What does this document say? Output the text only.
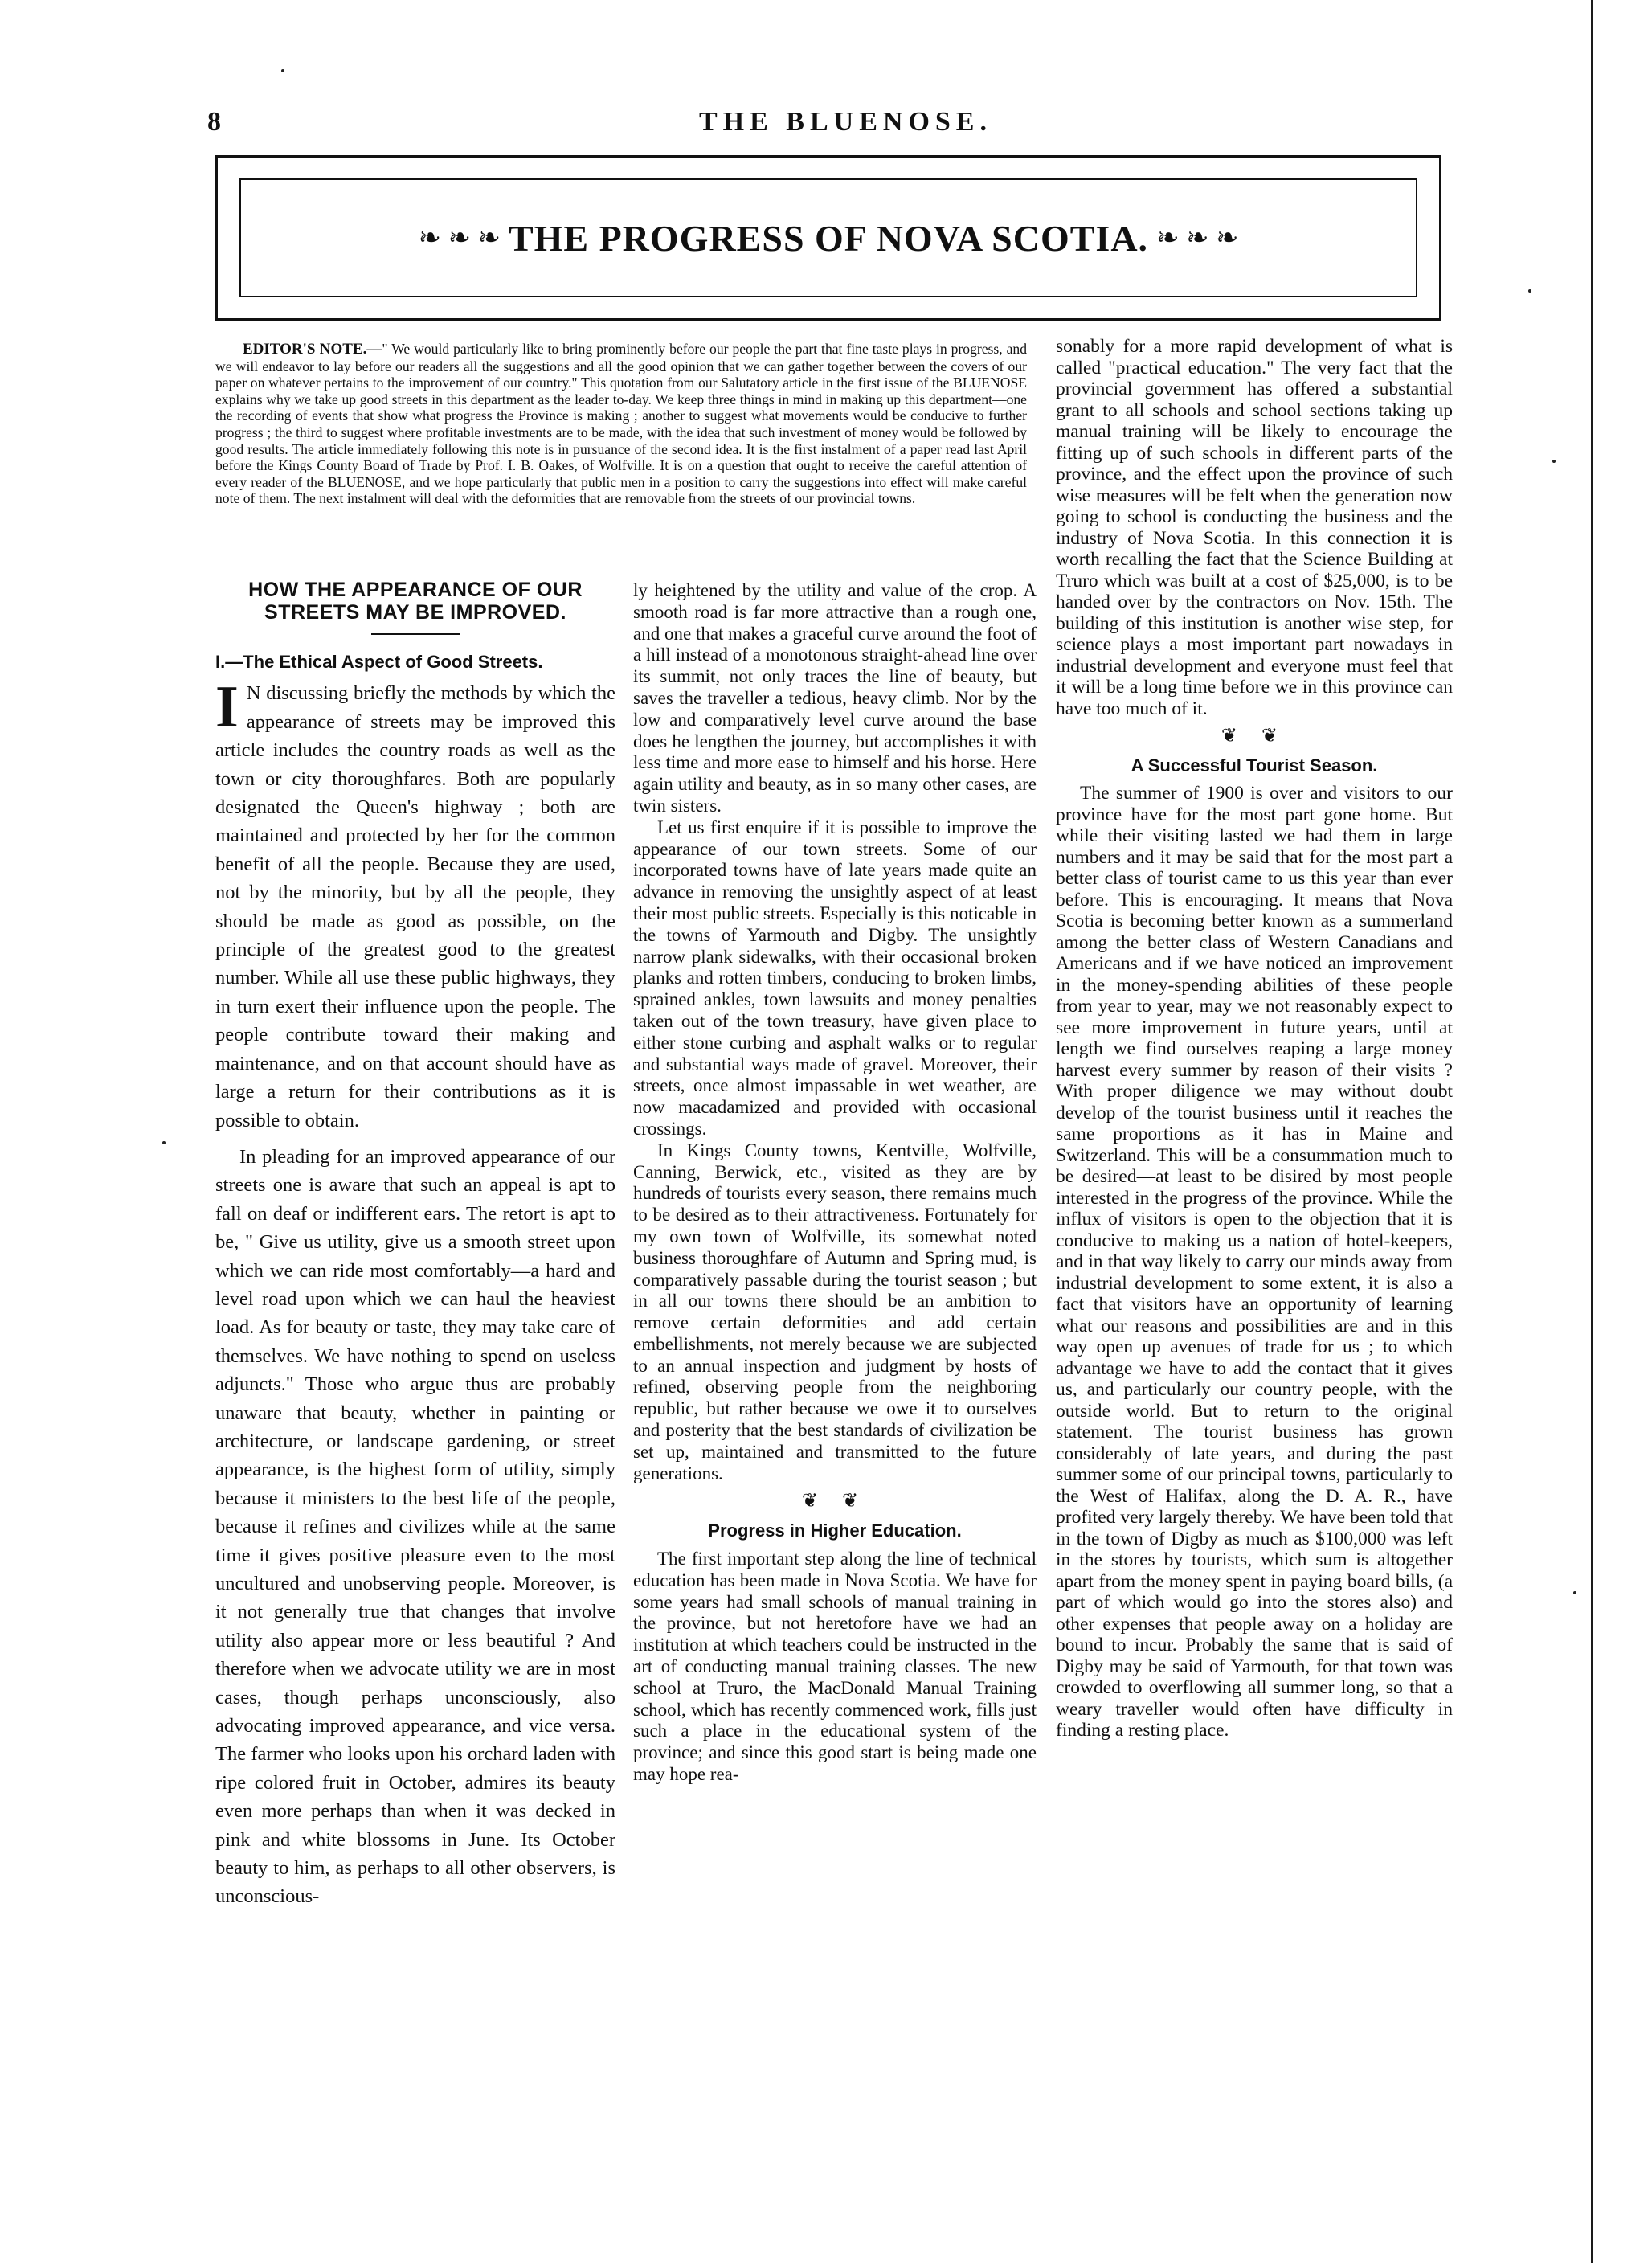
8	THE BLUENOSE.
❧ ❧ ❧ THE PROGRESS OF NOVA SCOTIA. ❧ ❧ ❧
EDITOR'S NOTE.—" We would particularly like to bring prominently before our people the part that fine taste plays in progress, and we will endeavor to lay before our readers all the suggestions and all the good opinion that we can gather together between the covers of our paper on whatever pertains to the improvement of our country." This quotation from our Salutatory article in the first issue of the BLUENOSE explains why we take up good streets in this department as the leader to-day. We keep three things in mind in making up this department—one the recording of events that show what progress the Province is making ; another to suggest what movements would be conducive to further progress ; the third to suggest where profitable investments are to be made, with the idea that such investment of money would be followed by good results. The article immediately following this note is in pursuance of the second idea. It is the first instalment of a paper read last April before the Kings County Board of Trade by Prof. I. B. Oakes, of Wolfville. It is on a question that ought to receive the careful attention of every reader of the BLUENOSE, and we hope particularly that public men in a position to carry the suggestions into effect will make careful note of them. The next instalment will deal with the deformities that are removable from the streets of our provincial towns.
HOW THE APPEARANCE OF OUR STREETS MAY BE IMPROVED.
I.—The Ethical Aspect of Good Streets.

I N discussing briefly the methods by which the appearance of streets may be improved this article includes the country roads as well as the town or city thoroughfares. Both are popularly designated the Queen's highway ; both are maintained and protected by her for the common benefit of all the people. Because they are used, not by the minority, but by all the people, they should be made as good as possible, on the principle of the greatest good to the greatest number. While all use these public highways, they in turn exert their influence upon the people. The people contribute toward their making and maintenance, and on that account should have as large a return for their contributions as it is possible to obtain.

In pleading for an improved appearance of our streets one is aware that such an appeal is apt to fall on deaf or indifferent ears. The retort is apt to be, " Give us utility, give us a smooth street upon which we can ride most comfortably—a hard and level road upon which we can haul the heaviest load. As for beauty or taste, they may take care of themselves. We have nothing to spend on useless adjuncts." Those who argue thus are probably unaware that beauty, whether in painting or architecture, or landscape gardening, or street appearance, is the highest form of utility, simply because it ministers to the best life of the people, because it refines and civilizes while at the same time it gives positive pleasure even to the most uncultured and unobserving people. Moreover, is it not generally true that changes that involve utility also appear more or less beautiful ? And therefore when we advocate utility we are in most cases, though perhaps unconsciously, also advocating improved appearance, and vice versa. The farmer who looks upon his orchard laden with ripe colored fruit in October, admires its beauty even more perhaps than when it was decked in pink and white blossoms in June. Its October beauty to him, as perhaps to all other observers, is unconscious-

ly heightened by the utility and value of the crop. A smooth road is far more attractive than a rough one, and one that makes a graceful curve around the foot of a hill instead of a monotonous straight-ahead line over its summit, not only traces the line of beauty, but saves the traveller a tedious, heavy climb. Nor by the low and comparatively level curve around the base does he lengthen the journey, but accomplishes it with less time and more ease to himself and his horse. Here again utility and beauty, as in so many other cases, are twin sisters.

Let us first enquire if it is possible to improve the appearance of our town streets. Some of our incorporated towns have of late years made quite an advance in removing the unsightly aspect of at least their most public streets. Especially is this noticable in the towns of Yarmouth and Digby. The unsightly narrow plank sidewalks, with their occasional broken planks and rotten timbers, conducing to broken limbs, sprained ankles, town lawsuits and money penalties taken out of the town treasury, have given place to either stone curbing and asphalt walks or to regular and substantial ways made of gravel. Moreover, their streets, once almost impassable in wet weather, are now macadamized and provided with occasional crossings.

In Kings County towns, Kentville, Wolfville, Canning, Berwick, etc., visited as they are by hundreds of tourists every season, there remains much to be desired as to their attractiveness. Fortunately for my own town of Wolfville, its somewhat noted business thoroughfare of Autumn and Spring mud, is comparatively passable during the tourist season ; but in all our towns there should be an ambition to remove certain deformities and add certain embellishments, not merely because we are subjected to an annual inspection and judgment by hosts of refined, observing people from the neighboring republic, but rather because we owe it to ourselves and posterity that the best standards of civilization be set up, maintained and transmitted to the future generations.

❦ ❦
Progress in Higher Education.

The first important step along the line of technical education has been made in Nova Scotia. We have for some years had small schools of manual training in the province, but not heretofore have we had an institution at which teachers could be instructed in the art of conducting manual training classes. The new school at Truro, the MacDonald Manual Training school, which has recently commenced work, fills just such a place in the educational system of the province; and since this good start is being made one may hope rea-

sonably for a more rapid development of what is called "practical education." The very fact that the provincial government has offered a substantial grant to all schools and school sections taking up manual training will be likely to encourage the fitting up of such schools in different parts of the province, and the effect upon the province of such wise measures will be felt when the generation now going to school is conducting the business and the industry of Nova Scotia. In this connection it is worth recalling the fact that the Science Building at Truro which was built at a cost of $25,000, is to be handed over by the contractors on Nov. 15th. The building of this institution is another wise step, for science plays a most important part nowadays in industrial development and everyone must feel that it will be a long time before we in this province can have too much of it.

❦ ❦
A Successful Tourist Season.

The summer of 1900 is over and visitors to our province have for the most part gone home. But while their visiting lasted we had them in large numbers and it may be said that for the most part a better class of tourist came to us this year than ever before. This is encouraging. It means that Nova Scotia is becoming better known as a summerland among the better class of Western Canadians and Americans and if we have noticed an improvement in the money-spending abilities of these people from year to year, may we not reasonably expect to see more improvement in future years, until at length we find ourselves reaping a large money harvest every summer by reason of their visits ? With proper diligence we may without doubt develop of the tourist business until it reaches the same proportions as it has in Maine and Switzerland. This will be a consummation much to be desired—at least to be disired by most people interested in the progress of the province. While the influx of visitors is open to the objection that it is conducive to making us a nation of hotel-keepers, and in that way likely to carry our minds away from industrial development to some extent, it is also a fact that visitors have an opportunity of learning what our reasons and possibilities are and in this way open up avenues of trade for us ; to which advantage we have to add the contact that it gives us, and particularly our country people, with the outside world. But to return to the original statement. The tourist business has grown considerably of late years, and during the past summer some of our principal towns, particularly to the West of Halifax, along the D. A. R., have profited very largely thereby. We have been told that in the town of Digby as much as $100,000 was left in the stores by tourists, which sum is altogether apart from the money spent in paying board bills, (a part of which would go into the stores also) and other expenses that people away on a holiday are bound to incur. Probably the same that is said of Digby may be said of Yarmouth, for that town was crowded to overflowing all summer long, so that a weary traveller would often have difficulty in finding a resting place.
